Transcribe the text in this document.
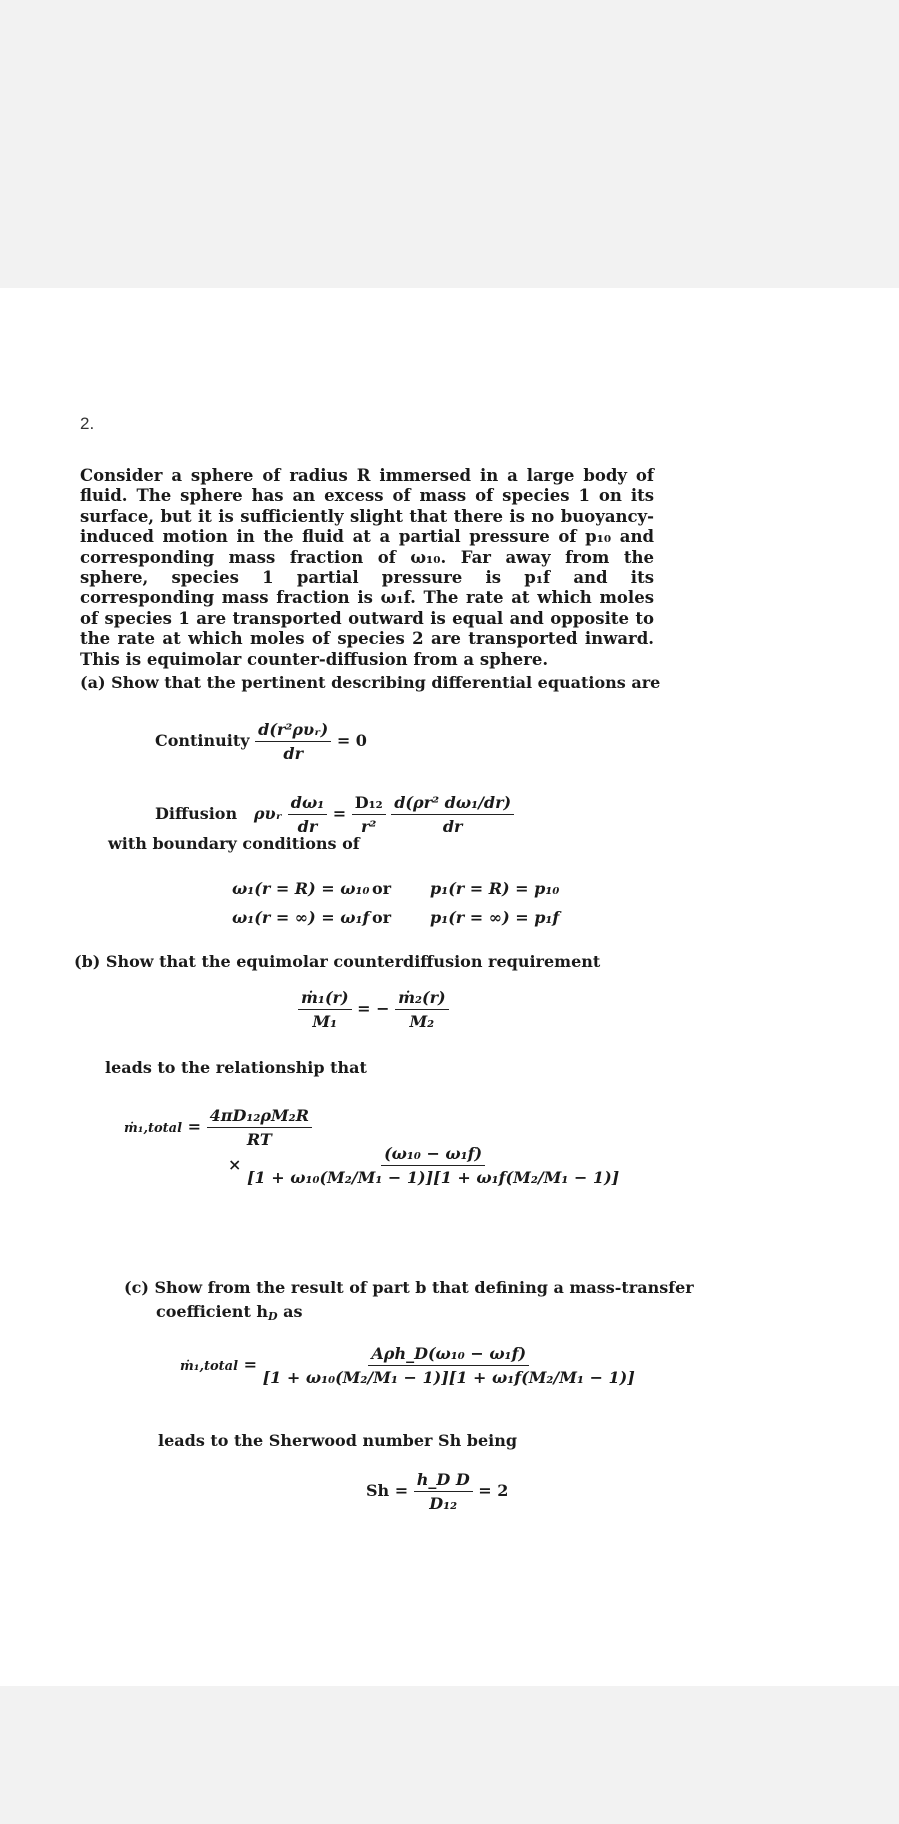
2.
Consider a sphere of radius R immersed in a large body of fluid. The sphere has an excess of mass of species 1 on its surface, but it is sufficiently slight that there is no buoyancy-induced motion in the fluid at a partial pressure of p₁₀ and corresponding mass fraction of ω₁₀. Far away from the sphere, species 1 partial pressure is p₁f and its corresponding mass fraction is ω₁f. The rate at which moles of species 1 are transported outward is equal and opposite to the rate at which moles of species 2 are transported inward. This is equimolar counter-diffusion from a sphere.
(a) Show that the pertinent describing differential equations are
Continuity $\frac{\text{d(r²ρυᵣ)}}{dr} = 0$
Diffusion ρυᵣ $\frac{\text{dω₁}}{dr} = \frac{\text{D₁₂}}{\text{r²}}$
$\frac{\text{d(ρr² dω₁/dr)}}{dr}$
with boundary conditions of
ω₁(r = R) = ω₁₀ or p₁(r = R) = p₁₀
ω₁(r = ∞) = ω₁f or p₁(r = ∞) = p₁f
(b) Show that the equimolar counterdiffusion requirement
$\frac{\text{ṁ₁(r)}}{\text{M₁}}$ = − $\frac{\text{ṁ₂(r)}}{\text{M₂}}$
leads to the relationship that
ṁ₁,total = $\frac{\text{4πD₁₂ρM₂R}}{RT}$
× $\frac{\text{(ω₁₀ − ω₁f)}}{\text{[1 + ω₁₀(M₂/M₁ − 1)][1 + ω₁f(M₂/M₁ − 1)]}}$
(c) Show from the result of part b that defining a mass-transfer
coefficient $h_D$ as
ṁ₁,total = $\frac{\text{Aρh\_D(ω₁₀ − ω₁f)}}{\text{[1 + ω₁₀(M₂/M₁ − 1)][1 + ω₁f(M₂/M₁ − 1)]}}$
leads to the Sherwood number Sh being
$Sh = \frac{\text{h\_D D}}{\text{D₁₂}} = 2$
